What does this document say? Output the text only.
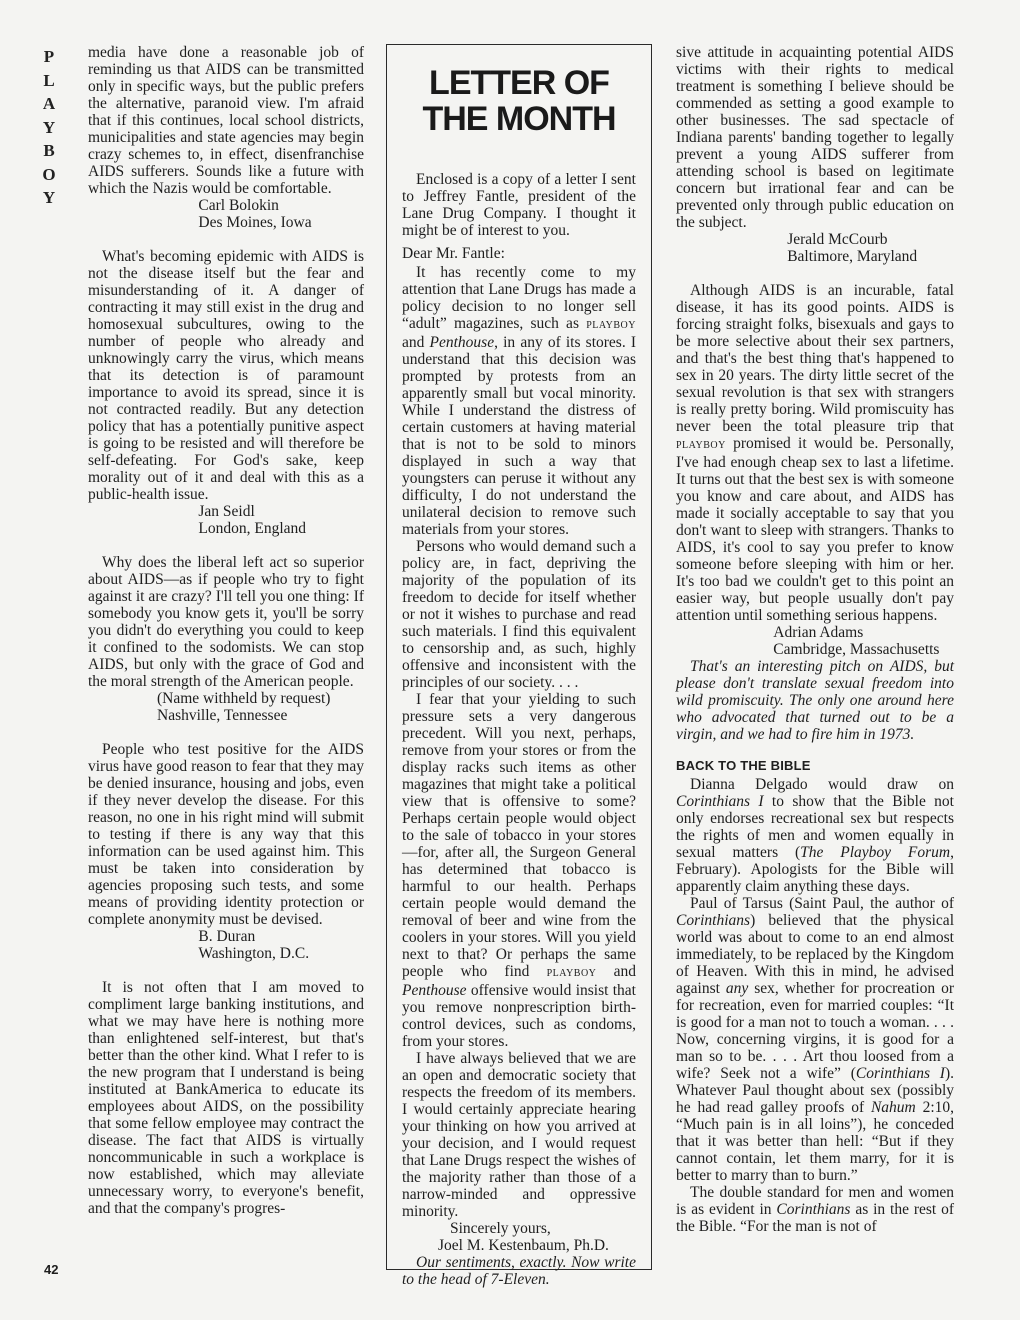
P
L
A
Y
B
O
Y
42

media have done a reasonable job of reminding us that AIDS can be transmitted only in specific ways, but the public prefers the alternative, paranoid view. I'm afraid that if this continues, local school districts, municipalities and state agencies may begin crazy schemes to, in effect, disenfranchise AIDS sufferers. Sounds like a future with which the Nazis would be comfortable.

Carl Bolokin
Des Moines, Iowa

What's becoming epidemic with AIDS is not the disease itself but the fear and misunderstanding of it. A danger of contracting it may still exist in the drug and homosexual subcultures, owing to the number of people who already and unknowingly carry the virus, which means that its detection is of paramount importance to avoid its spread, since it is not contracted readily. But any detection policy that has a potentially punitive aspect is going to be resisted and will therefore be self-defeating. For God's sake, keep morality out of it and deal with this as a public-health issue.

Jan Seidl
London, England

Why does the liberal left act so superior about AIDS—as if people who try to fight against it are crazy? I'll tell you one thing: If somebody you know gets it, you'll be sorry you didn't do everything you could to keep it confined to the sodomists. We can stop AIDS, but only with the grace of God and the moral strength of the American people.

(Name withheld by request)
Nashville, Tennessee

People who test positive for the AIDS virus have good reason to fear that they may be denied insurance, housing and jobs, even if they never develop the disease. For this reason, no one in his right mind will submit to testing if there is any way that this information can be used against him. This must be taken into consideration by agencies proposing such tests, and some means of providing identity protection or complete anonymity must be devised.

B. Duran
Washington, D.C.

It is not often that I am moved to compliment large banking institutions, and what we may have here is nothing more than enlightened self-interest, but that's better than the other kind. What I refer to is the new program that I understand is being instituted at BankAmerica to educate its employees about AIDS, on the possibility that some fellow employee may contract the disease. The fact that AIDS is virtually noncommunicable in such a workplace is now established, which may alleviate unnecessary worry, to everyone's benefit, and that the company's progres-

LETTER OF
THE MONTH

Enclosed is a copy of a letter I sent to Jeffrey Fantle, president of the Lane Drug Company. I thought it might be of interest to you.

Dear Mr. Fantle:

It has recently come to my attention that Lane Drugs has made a policy decision to no longer sell “adult” magazines, such as PLAYBOY and Penthouse, in any of its stores. I understand that this decision was prompted by protests from an apparently small but vocal minority. While I understand the distress of certain customers at having material that is not to be sold to minors displayed in such a way that youngsters can peruse it without any difficulty, I do not understand the unilateral decision to remove such materials from your stores.

Persons who would demand such a policy are, in fact, depriving the majority of the population of its freedom to decide for itself whether or not it wishes to purchase and read such materials. I find this equivalent to censorship and, as such, highly offensive and inconsistent with the principles of our society. . . .

I fear that your yielding to such pressure sets a very dangerous precedent. Will you next, perhaps, remove from your stores or from the display racks such items as other magazines that might take a political view that is offensive to some? Perhaps certain people would object to the sale of tobacco in your stores—for, after all, the Surgeon General has determined that tobacco is harmful to our health. Perhaps certain people would demand the removal of beer and wine from the coolers in your stores. Will you yield next to that? Or perhaps the same people who find PLAYBOY and Penthouse offensive would insist that you remove nonprescription birth-control devices, such as condoms, from your stores.

I have always believed that we are an open and democratic society that respects the freedom of its members. I would certainly appreciate hearing your thinking on how you arrived at your decision, and I would request that Lane Drugs respect the wishes of the majority rather than those of a narrow-minded and oppressive minority.

Sincerely yours,
Joel M. Kestenbaum, Ph.D.

Our sentiments, exactly. Now write to the head of 7-Eleven.

sive attitude in acquainting potential AIDS victims with their rights to medical treatment is something I believe should be commended as setting a good example to other businesses. The sad spectacle of Indiana parents' banding together to legally prevent a young AIDS sufferer from attending school is based on legitimate concern but irrational fear and can be prevented only through public education on the subject.

Jerald McCourb
Baltimore, Maryland

Although AIDS is an incurable, fatal disease, it has its good points. AIDS is forcing straight folks, bisexuals and gays to be more selective about their sex partners, and that's the best thing that's happened to sex in 20 years. The dirty little secret of the sexual revolution is that sex with strangers is really pretty boring. Wild promiscuity has never been the total pleasure trip that PLAYBOY promised it would be. Personally, I've had enough cheap sex to last a lifetime. It turns out that the best sex is with someone you know and care about, and AIDS has made it socially acceptable to say that you don't want to sleep with strangers. Thanks to AIDS, it's cool to say you prefer to know someone before sleeping with him or her. It's too bad we couldn't get to this point an easier way, but people usually don't pay attention until something serious happens.

Adrian Adams
Cambridge, Massachusetts

That's an interesting pitch on AIDS, but please don't translate sexual freedom into wild promiscuity. The only one around here who advocated that turned out to be a virgin, and we had to fire him in 1973.

BACK TO THE BIBLE

Dianna Delgado would draw on Corinthians I to show that the Bible not only endorses recreational sex but respects the rights of men and women equally in sexual matters (The Playboy Forum, February). Apologists for the Bible will apparently claim anything these days.

Paul of Tarsus (Saint Paul, the author of Corinthians) believed that the physical world was about to come to an end almost immediately, to be replaced by the Kingdom of Heaven. With this in mind, he advised against any sex, whether for procreation or for recreation, even for married couples: “It is good for a man not to touch a woman. . . . Now, concerning virgins, it is good for a man so to be. . . . Art thou loosed from a wife? Seek not a wife” (Corinthians I). Whatever Paul thought about sex (possibly he had read galley proofs of Nahum 2:10, “Much pain is in all loins”), he conceded that it was better than hell: “But if they cannot contain, let them marry, for it is better to marry than to burn.”

The double standard for men and women is as evident in Corinthians as in the rest of the Bible. “For the man is not of
